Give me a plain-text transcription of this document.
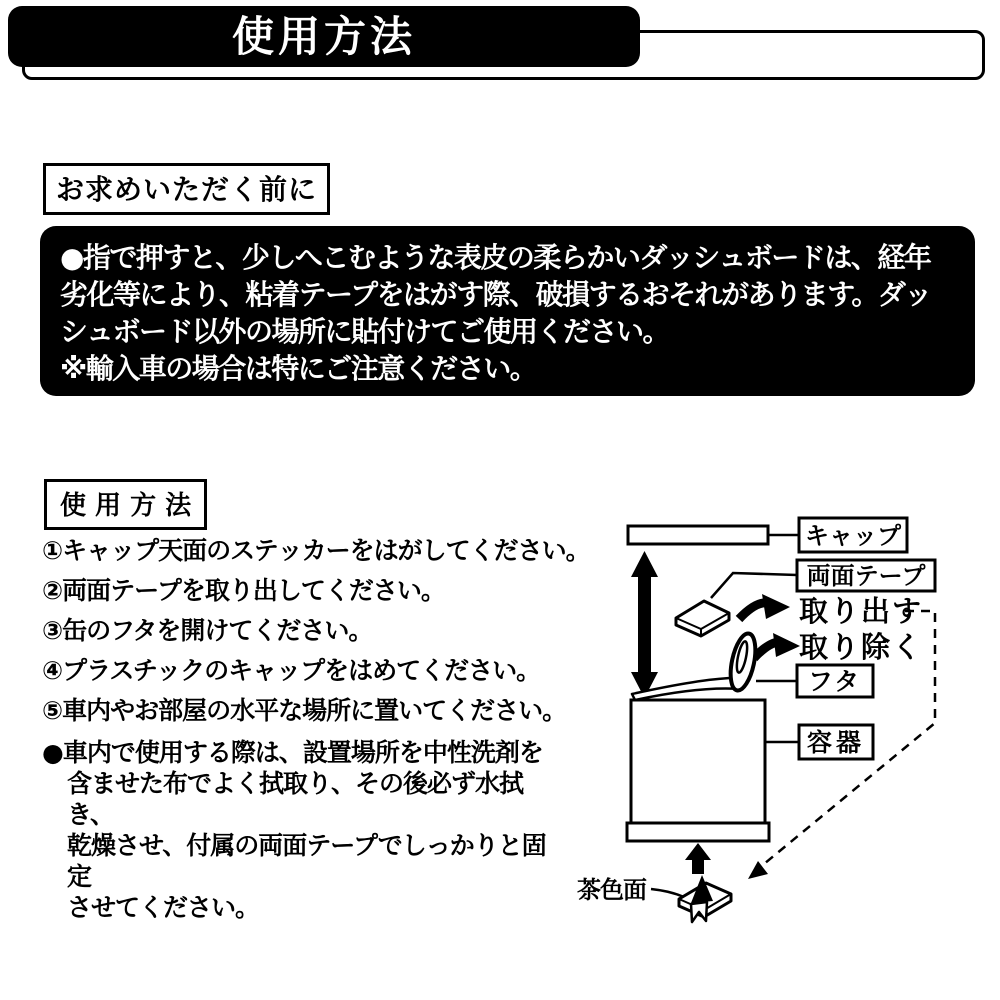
使用方法
お求めいただく前に
●指で押すと、少しへこむような表皮の柔らかいダッシュボードは、経年
劣化等により、粘着テープをはがす際、破損するおそれがあります。ダッ
シュボード以外の場所に貼付けてご使用ください。
※輸入車の場合は特にご注意ください。
使 用 方 法
①キャップ天面のステッカーをはがしてください。
②両面テープを取り出してください。
③缶のフタを開けてください。
④プラスチックのキャップをはめてください。
⑤車内やお部屋の水平な場所に置いてください。
●車内で使用する際は、設置場所を中性洗剤を
含ませた布でよく拭取り、その後必ず水拭き、
乾燥させ、付属の両面テープでしっかりと固定
させてください。
キャップ
両面テープ
取り出す
取り除く
フタ
容器
茶色面
